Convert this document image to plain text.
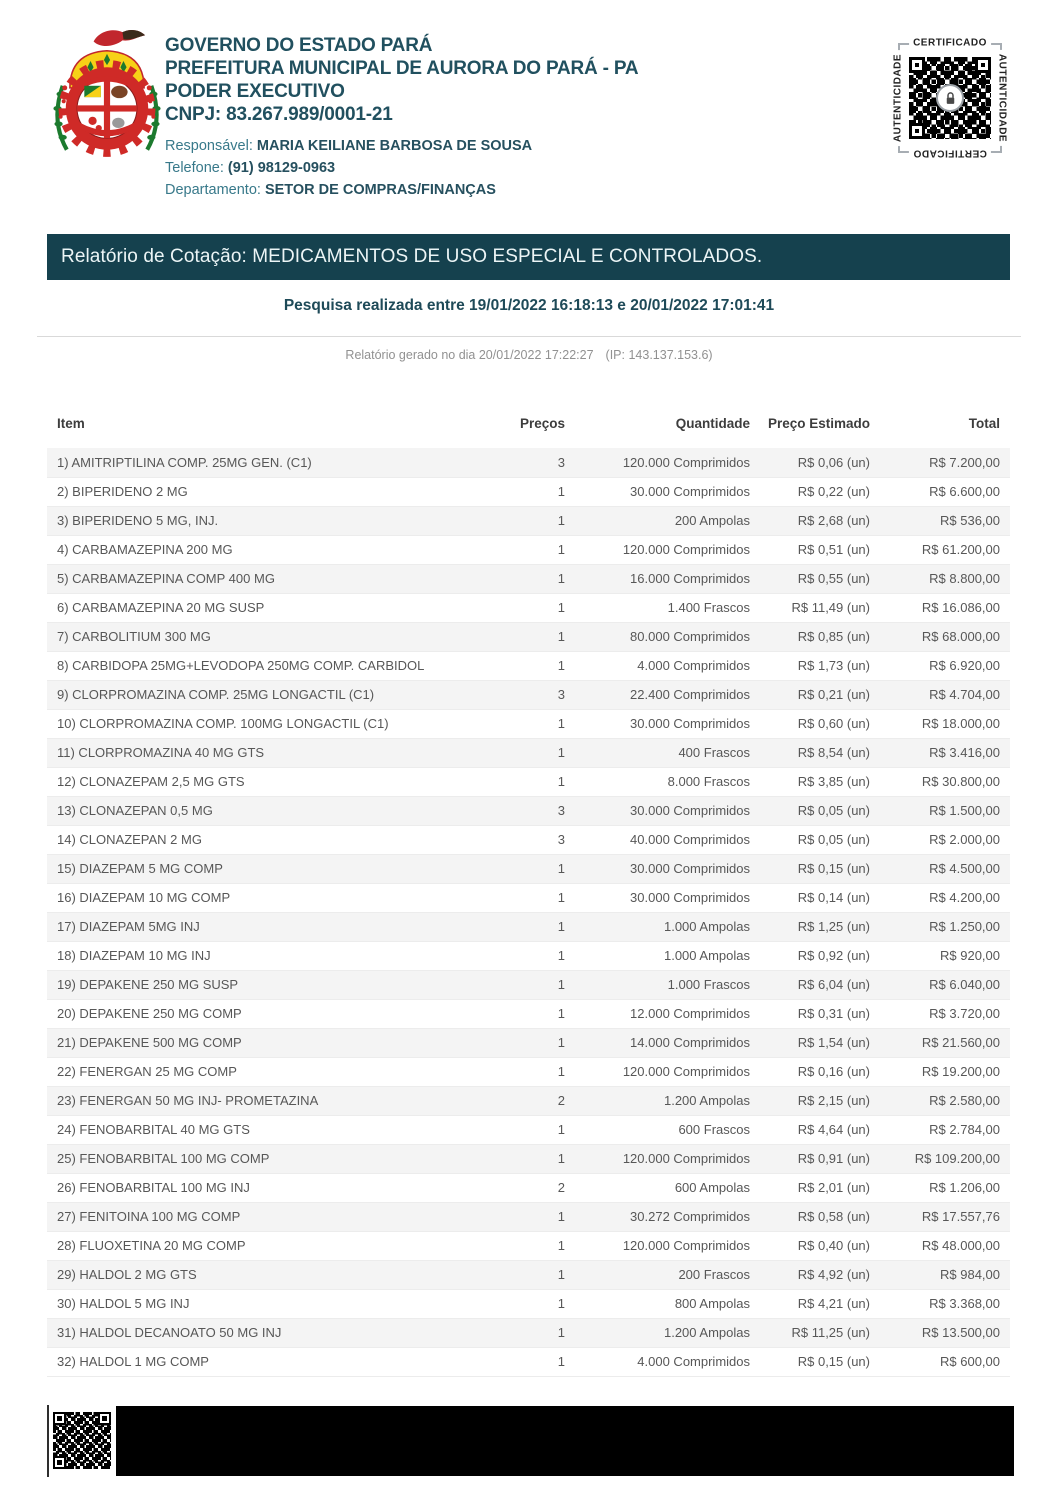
GOVERNO DO ESTADO PARÁ
PREFEITURA MUNICIPAL DE AURORA DO PARÁ - PA
PODER EXECUTIVO
CNPJ: 83.267.989/0001-21
Responsável: MARIA KEILIANE BARBOSA DE SOUSA
Telefone: (91) 98129-0963
Departamento: SETOR DE COMPRAS/FINANÇAS
CERTIFICADO
AUTENTICIDADE	AUTENTICIDADE
CERTIFICADO
Relatório de Cotação: MEDICAMENTOS DE USO ESPECIAL E CONTROLADOS.
Pesquisa realizada entre 19/01/2022 16:18:13 e 20/01/2022 17:01:41
Relatório gerado no dia 20/01/2022 17:22:27 (IP: 143.137.153.6)
Item	Preços	Quantidade	Preço Estimado	Total
1) AMITRIPTILINA COMP. 25MG GEN. (C1)	3	120.000 Comprimidos	R$ 0,06 (un)	R$ 7.200,00
2) BIPERIDENO 2 MG	1	30.000 Comprimidos	R$ 0,22 (un)	R$ 6.600,00
3) BIPERIDENO 5 MG, INJ.	1	200 Ampolas	R$ 2,68 (un)	R$ 536,00
4) CARBAMAZEPINA 200 MG	1	120.000 Comprimidos	R$ 0,51 (un)	R$ 61.200,00
5) CARBAMAZEPINA COMP 400 MG	1	16.000 Comprimidos	R$ 0,55 (un)	R$ 8.800,00
6) CARBAMAZEPINA 20 MG SUSP	1	1.400 Frascos	R$ 11,49 (un)	R$ 16.086,00
7) CARBOLITIUM 300 MG	1	80.000 Comprimidos	R$ 0,85 (un)	R$ 68.000,00
8) CARBIDOPA 25MG+LEVODOPA 250MG COMP. CARBIDOL	1	4.000 Comprimidos	R$ 1,73 (un)	R$ 6.920,00
9) CLORPROMAZINA COMP. 25MG LONGACTIL (C1)	3	22.400 Comprimidos	R$ 0,21 (un)	R$ 4.704,00
10) CLORPROMAZINA COMP. 100MG LONGACTIL (C1)	1	30.000 Comprimidos	R$ 0,60 (un)	R$ 18.000,00
11) CLORPROMAZINA 40 MG GTS	1	400 Frascos	R$ 8,54 (un)	R$ 3.416,00
12) CLONAZEPAM 2,5 MG GTS	1	8.000 Frascos	R$ 3,85 (un)	R$ 30.800,00
13) CLONAZEPAN 0,5 MG	3	30.000 Comprimidos	R$ 0,05 (un)	R$ 1.500,00
14) CLONAZEPAN 2 MG	3	40.000 Comprimidos	R$ 0,05 (un)	R$ 2.000,00
15) DIAZEPAM 5 MG COMP	1	30.000 Comprimidos	R$ 0,15 (un)	R$ 4.500,00
16) DIAZEPAM 10 MG COMP	1	30.000 Comprimidos	R$ 0,14 (un)	R$ 4.200,00
17) DIAZEPAM 5MG INJ	1	1.000 Ampolas	R$ 1,25 (un)	R$ 1.250,00
18) DIAZEPAM 10 MG INJ	1	1.000 Ampolas	R$ 0,92 (un)	R$ 920,00
19) DEPAKENE 250 MG SUSP	1	1.000 Frascos	R$ 6,04 (un)	R$ 6.040,00
20) DEPAKENE 250 MG COMP	1	12.000 Comprimidos	R$ 0,31 (un)	R$ 3.720,00
21) DEPAKENE 500 MG COMP	1	14.000 Comprimidos	R$ 1,54 (un)	R$ 21.560,00
22) FENERGAN 25 MG COMP	1	120.000 Comprimidos	R$ 0,16 (un)	R$ 19.200,00
23) FENERGAN 50 MG INJ- PROMETAZINA	2	1.200 Ampolas	R$ 2,15 (un)	R$ 2.580,00
24) FENOBARBITAL 40 MG GTS	1	600 Frascos	R$ 4,64 (un)	R$ 2.784,00
25) FENOBARBITAL 100 MG COMP	1	120.000 Comprimidos	R$ 0,91 (un)	R$ 109.200,00
26) FENOBARBITAL 100 MG INJ	2	600 Ampolas	R$ 2,01 (un)	R$ 1.206,00
27) FENITOINA 100 MG COMP	1	30.272 Comprimidos	R$ 0,58 (un)	R$ 17.557,76
28) FLUOXETINA 20 MG COMP	1	120.000 Comprimidos	R$ 0,40 (un)	R$ 48.000,00
29) HALDOL 2 MG GTS	1	200 Frascos	R$ 4,92 (un)	R$ 984,00
30) HALDOL 5 MG INJ	1	800 Ampolas	R$ 4,21 (un)	R$ 3.368,00
31) HALDOL DECANOATO 50 MG INJ	1	1.200 Ampolas	R$ 11,25 (un)	R$ 13.500,00
32) HALDOL 1 MG COMP	1	4.000 Comprimidos	R$ 0,15 (un)	R$ 600,00
